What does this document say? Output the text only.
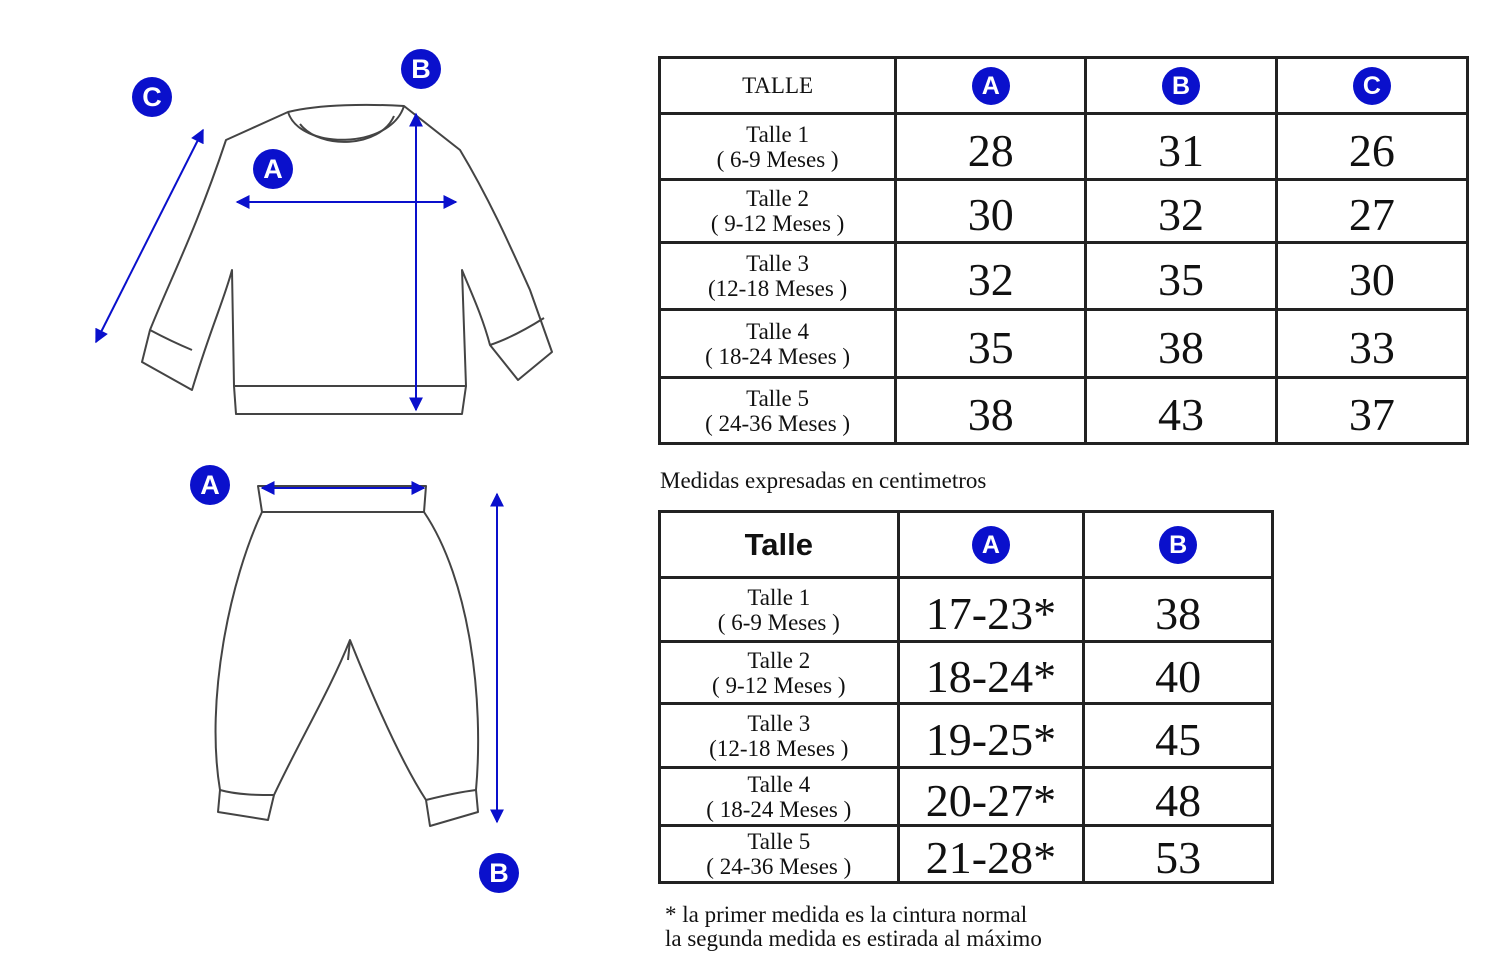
C
B
A
A
B
TALLE	A	B	C

Talle 1
( 6-9 Meses )	28	31	26

Talle 2
( 9-12 Meses )	30	32	27

Talle 3
(12-18 Meses )	32	35	30

Talle 4
( 18-24 Meses )	35	38	33

Talle 5
( 24-36 Meses )	38	43	37
Medidas expresadas en centimetros
Talle	A	B

Talle 1
( 6-9 Meses )	17-23*	38

Talle 2
( 9-12 Meses )	18-24*	40

Talle 3
(12-18 Meses )	19-25*	45

Talle 4
( 18-24 Meses )	20-27*	48

Talle 5
( 24-36 Meses )	21-28*	53
* la primer medida es la cintura normal
la segunda medida es estirada al máximo
